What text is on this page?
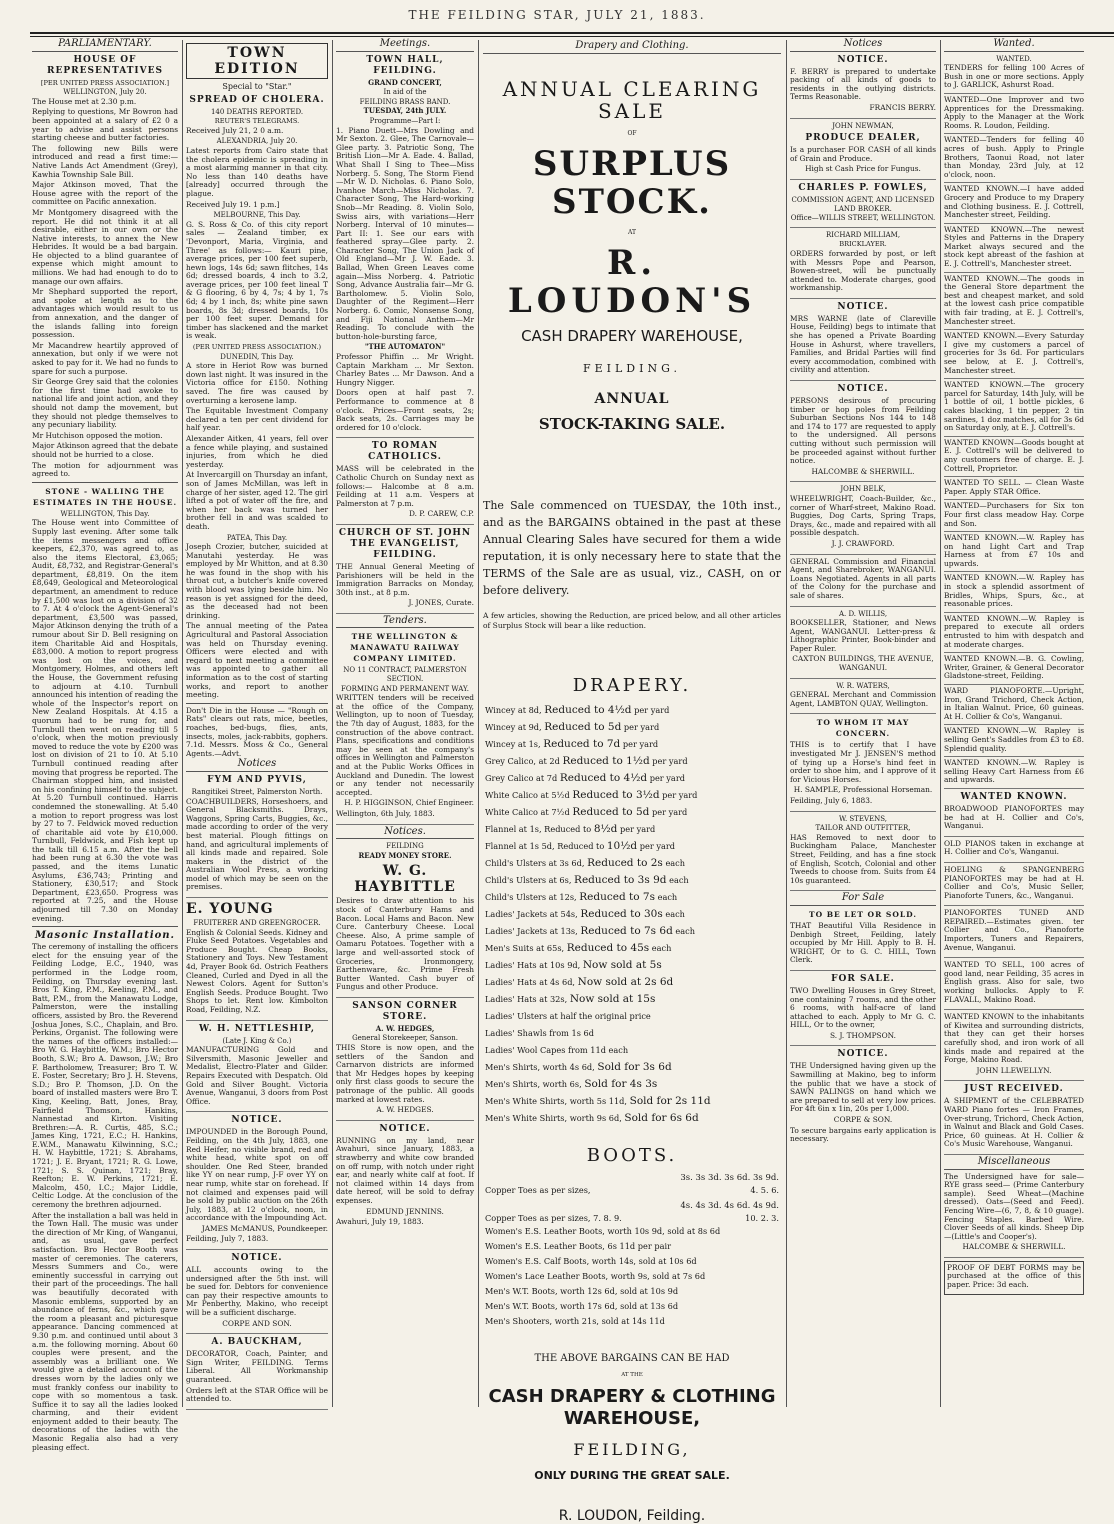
THE FEILDING STAR, JULY 21, 1883.
PARLIAMENTARY.
HOUSE OF REPRESENTATIVES
[PER UNITED PRESS ASSOCIATION.]
WELLINGTON, July 20.

The House met at 2.30 p.m.

Replying to questions, Mr Bowron had been appointed at a salary of £2 0 a year to advise and assist persons starting cheese and butter factories.

The following new Bills were introduced and read a first time:—Native Lands Act Amendment (Grey), Kawhia Township Sale Bill.

Major Atkinson moved, That the House agree with the report of the committee on Pacific annexation.

Mr Montgomery disagreed with the report. He did not think it at all desirable, either in our own or the Native interests, to annex the New Hebrides. It would be a bad bargain. He objected to a blind guarantee of expense which might amount to millions. We had had enough to do to manage our own affairs.

Mr Shephard supported the report, and spoke at length as to the advantages which would result to us from annexation, and the danger of the islands falling into foreign possession.

Mr Macandrew heartily approved of annexation, but only if we were not asked to pay for it. We had no funds to spare for such a purpose.

Sir George Grey said that the colonies for the first time had awoke to national life and joint action, and they should not damp the movement, but they should not pledge themselves to any pecuniary liability.

Mr Hutchison opposed the motion.

Major Atkinson agreed that the debate should not be hurried to a close.

The motion for adjournment was agreed to.

STONE - WALLING THE ESTIMATES IN THE HOUSE.
WELLINGTON, This Day.

The House went into Committee of Supply last evening. After some talk the items messengers and office keepers, £2,370, was agreed to, as also the items Electoral, £3,065; Audit, £8,732, and Registrar-General's department, £8,819. On the item £8,649, Geological and Meteorological department, an amendment to reduce by £1,500 was lost on a division of 32 to 7. At 4 o'clock the Agent-General's department, £3,500 was passed, Major Atkinson denying the truth of a rumour about Sir D. Bell resigning on item Charitable Aid and Hospitals, £83,000. A motion to report progress was lost on the voices, and Montgomery, Holmes, and others left the House, the Government refusing to adjourn at 4.10. Turnbull announced his intention of reading the whole of the Inspector's report on New Zealand Hospitals. At 4.15 a quorum had to be rung for, and Turnbull then went on reading till 5 o'clock, when the motion previously moved to reduce the vote by £200 was lost on division of 21 to 10. At 5.10 Turnbull continued reading after moving that progress be reported. The Chairman stopped him, and insisted on his confining himself to the subject. At 5.20 Turnbull continued. Harris condemned the stonewalling. At 5.40 a motion to report progress was lost by 27 to 7. Feldwick moved reduction of charitable aid vote by £10,000. Turnbull, Feldwick, and Fish kept up the talk till 6.15 a.m. After the bell had been rung at 6.30 the vote was passed, and the items Lunatic Asylums, £36,743; Printing and Stationery, £30,517; and Stock Department, £23,650. Progress was reported at 7.25, and the House adjourned till 7.30 on Monday evening.

Masonic Installation.

The ceremony of installing the officers elect for the ensuing year of the Feilding Lodge, E.C., 1940, was performed in the Lodge room, Feilding, on Thursday evening last. Bros T. King, P.M., Keeling, P.M., and Batt, P.M., from the Manawatu Lodge, Palmerston, were the installing officers, assisted by Bro. the Reverend Joshua Jones, S.C., Chaplain, and Bro. Perkins, Organist. The following were the names of the officers installed:—Bro W. G. Haybittle, W.M.; Bro Hector Booth, S.W.; Bro A. Dawson, J.W.; Bro F. Bartholomew, Treasurer; Bro T. W. E. Foster, Secretary; Bro J. H. Stevens, S.D.; Bro P. Thomson, J.D. On the board of installed masters were Bro T. King, Keeling, Batt, Jones, Bray, Fairfield Thomson, Hankins, Nannestad and Kirton. Visiting Brethren:—A. R. Curtis, 485, S.C.; James King, 1721, E.C.; H. Hankins, E.W.M., Manawatu Kilwinning, S.C.; H. W. Haybittle, 1721; S. Abrahams, 1721; J. E. Bryant, 1721; R. G. Lowe, 1721; S. S. Quinan, 1721; Bray, Reefton; E. W. Perkins, 1721; E. Malcolm, 450, I.C.; Major Liddle, Celtic Lodge. At the conclusion of the ceremony the brethren adjourned.

After the installation a ball was held in the Town Hall. The music was under the direction of Mr King, of Wanganui, and, as usual, gave perfect satisfaction. Bro Hector Booth was master of ceremonies. The caterers, Messrs Summers and Co., were eminently successful in carrying out their part of the proceedings. The hall was beautifully decorated with Masonic emblems, supported by an abundance of ferns, &c., which gave the room a pleasant and picturesque appearance. Dancing commenced at 9.30 p.m. and continued until about 3 a.m. the following morning. About 60 couples were present, and the assembly was a brilliant one. We would give a detailed account of the dresses worn by the ladies only we must frankly confess our inability to cope with so momentous a task. Suffice it to say all the ladies looked charming, and their evident enjoyment added to their beauty. The decorations of the ladies with the Masonic Regalia also had a very pleasing effect.

TOWN EDITION
Special to "Star."
SPREAD OF CHOLERA.
140 DEATHS REPORTED.
REUTER'S TELEGRAMS.

Received July 21, 2 0 a.m.

ALEXANDRIA, July 20.

Latest reports from Cairo state that the cholera epidemic is spreading in a most alarming manner in that city. No less than 140 deaths have [already] occurred through the plague.

Received July 19. 1 p.m.]

MELBOURNE, This Day.

G. S. Ross & Co. of this city report sales — Zealand timber, ex 'Devonport, Maria, Virginia, and Three' as follows:— Kauri pine, average prices, per 100 feet superb, hewn logs, 14s 6d; sawn flitches, 14s 6d; dressed boards, 4 inch to 3.2, average prices, per 100 feet lineal T & G flooring, 6 by 4, 7s; 4 by 1, 7s 6d; 4 by 1 inch, 8s; white pine sawn boards, 8s 3d; dressed boards, 10s per 100 feet super. Demand for timber has slackened and the market is weak.

(PER UNITED PRESS ASSOCIATION.)
DUNEDIN, This Day.

A store in Heriot Row was burned down last night. It was insured in the Victoria office for £150. Nothing saved. The fire was caused by overturning a kerosene lamp.

The Equitable Investment Company declared a ten per cent dividend for half year.

Alexander Aitken, 41 years, fell over a fence while playing, and sustained injuries, from which he died yesterday.

At Invercargill on Thursday an infant, son of James McMillan, was left in charge of her sister, aged 12. The girl lifted a pot of water off the fire, and when her back was turned her brother fell in and was scalded to death.

PATEA, This Day.

Joseph Crozier, butcher, suicided at Manutahi yesterday. He was employed by Mr Whitton, and at 8.30 he was found in the shop with his throat cut, a butcher's knife covered with blood was lying beside him. No reason is yet assigned for the deed, as the deceased had not been drinking.

The annual meeting of the Patea Agricultural and Pastoral Association was held on Thursday evening. Officers were elected and with regard to next meeting a committee was appointed to gather all information as to the cost of starting works, and report to another meeting.

Don't Die in the House — "Rough on Rats" clears out rats, mice, beetles, roaches, bed-bugs, flies, ants, insects, moles, jack-rabbits, gophers. 7.1d. Messrs. Moss & Co., General Agents.—Advt.

Notices
FYM AND PYVIS,
Rangitikei Street, Palmerston North.

COACHBUILDERS, Horseshoers, and General Blacksmiths. Drays, Waggons, Spring Carts, Buggies, &c., made according to order of the very best material. Plough fittings on hand, and agricultural implements of all kinds made and repaired. Sole makers in the district of the Australian Wool Press, a working model of which may be seen on the premises.

E. YOUNG
FRUITERER AND GREENGROCER.

English & Colonial Seeds. Kidney and Fluke Seed Potatoes. Vegetables and Produce Bought. Cheap Books, Stationery and Toys. New Testament 4d, Prayer Book 6d. Ostrich Feathers Cleaned, Curled and Dyed in all the Newest Colors. Agent for Sutton's English Seeds. Produce Bought. Two Shops to let. Rent low. Kimbolton Road, Feilding, N.Z.

W. H. NETTLESHIP,
(Late J. King & Co.)

MANUFACTURING Gold and Silversmith, Masonic Jeweller and Medalist, Electro-Plater and Gilder. Repairs Executed with Despatch. Old Gold and Silver Bought. Victoria Avenue, Wanganui, 3 doors from Post Office.

NOTICE.

IMPOUNDED in the Borough Pound, Feilding, on the 4th July, 1883, one Red Heifer, no visible brand, red and white head, white spot on off shoulder. One Red Steer, branded like YY on near rump, J-F over YY on near rump, white star on forehead. If not claimed and expenses paid will be sold by public auction on the 26th July, 1883, at 12 o'clock, noon, in accordance with the Impounding Act.

JAMES McMANUS, Poundkeeper.

Feilding, July 7, 1883.

NOTICE.

ALL accounts owing to the undersigned after the 5th inst. will be sued for. Debtors for convenience can pay their respective amounts to Mr Penberthy, Makino, who receipt will be a sufficient discharge.

CORPE AND SON.

A. BAUCKHAM,

DECORATOR, Coach, Painter, and Sign Writer, FEILDING. Terms Liberal. All Workmanship guaranteed.

Orders left at the STAR Office will be attended to.

Meetings.
TOWN HALL, FEILDING.
GRAND CONCERT,
In aid of the
FEILDING BRASS BAND.
TUESDAY, 24th JULY.
Programme—Part I:

1. Piano Duett—Mrs Dowling and Mr Sexton. 2. Glee, The Carnovale—Glee party. 3. Patriotic Song, The British Lion—Mr A. Eade. 4. Ballad, What Shall I Sing to Thee—Miss Norberg. 5. Song, The Storm Fiend—Mr W. D. Nicholas. 6. Piano Solo, Ivanhoe March—Miss Nicholas. 7. Character Song, The Hard-working Snob—Mr Reading. 8. Violin Solo, Swiss airs, with variations—Herr Norberg. Interval of 10 minutes—Part II: 1. See our ears with feathered spray—Glee party. 2. Character Song, The Union Jack of Old England—Mr J. W. Eade. 3. Ballad, When Green Leaves come again—Miss Norberg. 4. Patriotic Song, Advance Australia fair—Mr G. Bartholomew. 5. Violin Solo, Daughter of the Regiment—Herr Norberg. 6. Comic, Nonsense Song, and Fiji National Anthem—Mr Reading. To conclude with the button-hole-bursting farce,

"THE AUTOMATON"

Professor Phiffin ... Mr Wright. Captain Markham ... Mr Sexton. Charley Bates ... Mr Dawson. And a Hungry Nigger.

Doors open at half past 7. Performance to commence at 8 o'clock. Prices—Front seats, 2s; Back seats, 2s. Carriages may be ordered for 10 o'clock.

TO ROMAN CATHOLICS.

MASS will be celebrated in the Catholic Church on Sunday next as follows:— Halcombe at 8 a.m. Feilding at 11 a.m. Vespers at Palmerston at 7 p.m.

D. P. CAREW, C.P.

CHURCH OF ST. JOHN THE EVANGELIST, FEILDING.

THE Annual General Meeting of Parishioners will be held in the Immigration Barracks on Monday, 30th inst., at 8 p.m.

J. JONES, Curate.

Tenders.
THE WELLINGTON & MANAWATU RAILWAY COMPANY LIMITED.
NO 11 CONTRACT, PALMERSTON SECTION.
FORMING AND PERMANENT WAY.

WRITTEN tenders will be received at the office of the Company, Wellington, up to noon of Tuesday, the 7th day of August, 1883, for the construction of the above contract. Plans, specifications and conditions may be seen at the company's offices in Wellington and Palmerston and at the Public Works Offices in Auckland and Dunedin. The lowest or any tender not necessarily accepted.

H. P. HIGGINSON, Chief Engineer.

Wellington, 6th July, 1883.

Notices.
FEILDING
READY MONEY STORE.
W. G. HAYBITTLE

Desires to draw attention to his stock of Canterbury Hams and Bacon. Local Hams and Bacon. New Cure. Canterbury Cheese. Local Cheese. Also, A prime sample of Oamaru Potatoes. Together with a large and well-assorted stock of Groceries, Ironmongery, Earthenware, &c. Prime Fresh Butter Wanted. Cash buyer of Fungus and other Produce.

SANSON CORNER STORE.
A. W. HEDGES,
General Storekeeper, Sanson.

THIS Store is now open, and the settlers of the Sandon and Carnarvon districts are informed that Mr Hedges hopes by keeping only first class goods to secure the patronage of the public. All goods marked at lowest rates.

A. W. HEDGES.

NOTICE.

RUNNING on my land, near Awahuri, since January, 1883, a strawberry and white cow branded on off rump, with notch under right ear, and nearly white calf at foot. If not claimed within 14 days from date hereof, will be sold to defray expenses.

EDMUND JENNINS.

Awahuri, July 19, 1883.

Drapery and Clothing.
ANNUAL CLEARING SALE
OF
SURPLUS STOCK.
AT
R. LOUDON'S
CASH DRAPERY WAREHOUSE,
FEILDING.
ANNUAL
STOCK-TAKING SALE.
The Sale commenced on TUESDAY, the 10th inst., and as the BARGAINS obtained in the past at these Annual Clearing Sales have secured for them a wide reputation, it is only necessary here to state that the TERMS of the Sale are as usual, viz., CASH, on or before delivery.
A few articles, showing the Reduction, are priced below, and all other articles of Surplus Stock will bear a like reduction.
DRAPERY.
Wincey at 8d, Reduced to 4½d per yard
Wincey at 9d, Reduced to 5d per yard
Wincey at 1s, Reduced to 7d per yard
Grey Calico, at 2d Reduced to 1½d per yard
Grey Calico at 7d Reduced to 4½d per yard
White Calico at 5½d Reduced to 3½d per yard
White Calico at 7½d Reduced to 5d per yard
Flannel at 1s, Reduced to 8½d per yard
Flannel at 1s 5d, Reduced to 10½d per yard
Child's Ulsters at 3s 6d, Reduced to 2s each
Child's Ulsters at 6s, Reduced to 3s 9d each
Child's Ulsters at 12s, Reduced to 7s each
Ladies' Jackets at 54s, Reduced to 30s each
Ladies' Jackets at 13s, Reduced to 7s 6d each
Men's Suits at 65s, Reduced to 45s each
Ladies' Hats at 10s 9d, Now sold at 5s
Ladies' Hats at 4s 6d, Now sold at 2s 6d
Ladies' Hats at 32s, Now sold at 15s
Ladies' Ulsters at half the original price
Ladies' Shawls from 1s 6d
Ladies' Wool Capes from 11d each
Men's Shirts, worth 4s 6d, Sold for 3s 6d
Men's Shirts, worth 6s, Sold for 4s 3s
Men's White Shirts, worth 5s 11d, Sold for 2s 11d
Men's White Shirts, worth 9s 6d, Sold for 6s 6d
BOOTS.
3s. 3s 3d. 3s 6d. 3s 9d.
Copper Toes as per sizes,	4. 5. 6.
4s. 4s 3d. 4s 6d. 4s 9d.
Copper Toes as per sizes, 7. 8. 9.	10. 2. 3.
Women's E.S. Leather Boots, worth 10s 9d, sold at 8s 6d
Women's E.S. Leather Boots, 6s 11d per pair
Women's E.S. Calf Boots, worth 14s, sold at 10s 6d
Women's Lace Leather Boots, worth 9s, sold at 7s 6d
Men's W.T. Boots, worth 12s 6d, sold at 10s 9d
Men's W.T. Boots, worth 17s 6d, sold at 13s 6d
Men's Shooters, worth 21s, sold at 14s 11d
THE ABOVE BARGAINS CAN BE HAD
AT THE
CASH DRAPERY & CLOTHING WAREHOUSE,
FEILDING,
ONLY DURING THE GREAT SALE.
R. LOUDON, Feilding.
Notices
NOTICE.

F. BERRY is prepared to undertake packing of all kinds of goods to residents in the outlying districts. Terms Reasonable.

FRANCIS BERRY.

JOHN NEWMAN,
PRODUCE DEALER,

Is a purchaser FOR CASH of all kinds of Grain and Produce.

High st Cash Price for Fungus.

CHARLES P. FOWLES,
COMMISSION AGENT, AND LICENSED LAND BROKER.
Office—WILLIS STREET, WELLINGTON.
RICHARD MILLIAM,
BRICKLAYER.

ORDERS forwarded by post, or left with Messrs Pope and Pearson, Bowen-street, will be punctually attended to. Moderate charges, good workmanship.

NOTICE.

MRS WARNE (late of Clareville House, Feilding) begs to intimate that she has opened a Private Boarding House in Ashurst, where travellers, Families, and Bridal Parties will find every accommodation, combined with civility and attention.

NOTICE.

PERSONS desirous of procuring timber or hop poles from Feilding Suburban Sections Nos 144 to 148 and 174 to 177 are requested to apply to the undersigned. All persons cutting without such permission will be proceeded against without further notice.

HALCOMBE & SHERWILL.

JOHN BELK,

WHEELWRIGHT, Coach-Builder, &c., corner of Wharf-street, Makino Road. Buggies, Dog Carts, Spring Traps, Drays, &c., made and repaired with all possible despatch.

J. J. CRAWFORD.

GENERAL Commission and Financial Agent, and Sharebroker, WANGANUI. Loans Negotiated. Agents in all parts of the Colony for the purchase and sale of shares.

A. D. WILLIS,

BOOKSELLER, Stationer, and News Agent, WANGANUI. Letter-press & Lithographic Printer, Book-binder and Paper Ruler.

CAXTON BUILDINGS, THE AVENUE, WANGANUI.

W. R. WATERS,

GENERAL Merchant and Commission Agent, LAMBTON QUAY, Wellington.

TO WHOM IT MAY CONCERN.

THIS is to certify that I have investigated Mr J. JENSEN'S method of tying up a Horse's hind feet in order to shoe him, and I approve of it for Vicious Horses.

H. SAMPLE, Professional Horseman.

Feilding, July 6, 1883.

W. STEVENS,
TAILOR AND OUTFITTER,

HAS Removed to next door to Buckingham Palace, Manchester Street, Feilding, and has a fine stock of English, Scotch, Colonial and other Tweeds to choose from. Suits from £4 10s guaranteed.

For Sale
TO BE LET OR SOLD.

THAT Beautiful Villa Residence in Denbigh Street, Feilding, lately occupied by Mr Hill. Apply to B. H. WRIGHT, Or to G. C. HILL, Town Clerk.

FOR SALE.

TWO Dwelling Houses in Grey Street, one containing 7 rooms, and the other 6 rooms, with half-acre of land attached to each. Apply to Mr G. C. HILL, Or to the owner,

S. J. THOMPSON.

NOTICE.

THE Undersigned having given up the Sawmilling at Makino, beg to inform the public that we have a stock of SAWN PALINGS on hand which we are prepared to sell at very low prices. For 4ft 6in x 1in, 20s per 1,000.

CORPE & SON.

To secure bargains early application is necessary.

Wanted.
WANTED.

TENDERS for felling 100 Acres of Bush in one or more sections. Apply to J. GARLICK, Ashurst Road.

WANTED—One Improver and two Apprentices for the Dressmaking. Apply to the Manager at the Work Rooms. R. Loudon, Feilding.

WANTED—Tenders for felling 40 acres of bush. Apply to Pringle Brothers, Taonui Road, not later than Monday, 23rd July, at 12 o'clock, noon.

WANTED KNOWN.—I have added Grocery and Produce to my Drapery and Clothing business. E. J. Cottrell, Manchester street, Feilding.

WANTED KNOWN.—The newest Styles and Patterns in the Drapery Market always secured and the stock kept abreast of the fashion at E. J. Cottrell's, Manchester street.

WANTED KNOWN.—The goods in the General Store department the best and cheapest market, and sold at the lowest cash price compatible with fair trading, at E. J. Cottrell's, Manchester street.

WANTED KNOWN.—Every Saturday I give my customers a parcel of groceries for 3s 6d. For particulars see below, at E. J. Cottrell's, Manchester street.

WANTED KNOWN.—The grocery parcel for Saturday, 14th July, will be 1 bottle of oil, 1 bottle pickles, 6 cakes blacking, 1 tin pepper, 2 tin sardines, 1 doz matches, all for 3s 6d on Saturday only, at E. J. Cottrell's.

WANTED KNOWN—Goods bought at E. J. Cottrell's will be delivered to any customers free of charge. E. J. Cottrell, Proprietor.

WANTED TO SELL. — Clean Waste Paper. Apply STAR Office.

WANTED—Purchasers for Six ton Four first class meadow Hay. Corpe and Son.

WANTED KNOWN.—W. Rapley has on hand Light Cart and Trap Harness at from £7 10s and upwards.

WANTED KNOWN.—W. Rapley has in stock a splendid assortment of Bridles, Whips, Spurs, &c., at reasonable prices.

WANTED KNOWN.—W. Rapley is prepared to execute all orders entrusted to him with despatch and at moderate charges.

WANTED KNOWN.—B. G. Cowling, Writer, Grainer, & General Decorator Gladstone-street, Feilding.

WARD PIANOFORTE.—Upright, Iron, Grand Trichord, Check Action, in Italian Walnut. Price, 60 guineas. At H. Collier & Co's, Wanganui.

WANTED KNOWN.—W. Rapley is selling Gent's Saddles from £3 to £8. Splendid quality.

WANTED KNOWN.—W. Rapley is selling Heavy Cart Harness from £6 and upwards.

WANTED KNOWN.

BROADWOOD PIANOFORTES may be had at H. Collier and Co's, Wanganui.

OLD PIANOS taken in exchange at H. Collier and Co's, Wanganui.

HOELING & SPANGENBERG PIANOFORTES may be had at H. Collier and Co's, Music Seller, Pianoforte Tuners, &c., Wanganui.

PIANOFORTES TUNED AND REPAIRED.—Estimates given. ter Collier and Co., Pianoforte Importers, Tuners and Repairers, Avenue, Wanganui.

WANTED TO SELL, 100 acres of good land, near Feilding, 35 acres in English grass. Also for sale, two working bullocks. Apply to F. FLAVALL, Makino Road.

WANTED KNOWN to the inhabitants of Kiwitea and surrounding districts, that they can get their horses carefully shod, and iron work of all kinds made and repaired at the Forge, Makino Road.

JOHN LLEWELLYN.

JUST RECEIVED.

A SHIPMENT of the CELEBRATED WARD Piano fortes — Iron Frames, Over-strung, Trichord, Check Action, in Walnut and Black and Gold Cases. Price, 60 guineas. At H. Collier & Co's Music Warehouse, Wanganui.

Miscellaneous

The Undersigned have for sale— RYE grass seed— (Prime Canterbury sample). Seed Wheat—(Machine dressed). Oats—(Seed and Feed). Fencing Wire—(6, 7, 8, & 10 guage). Fencing Staples. Barbed Wire. Clover Seeds of all kinds. Sheep Dip—(Little's and Cooper's).

HALCOMBE & SHERWILL.

PROOF OF DEBT FORMS may be purchased at the office of this paper. Price: 3d each.
